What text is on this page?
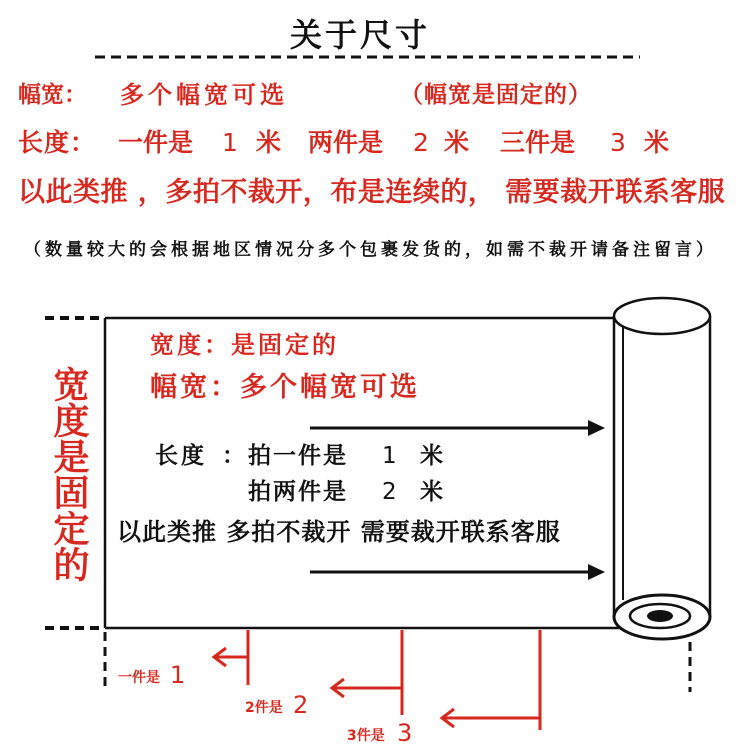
关于尺寸
幅宽： 多个幅宽可选	（幅宽是固定的）
长度： 一件是 1 米 两件是 2 米 三件是 3 米
以此类推 ，多拍不裁开，布是连续的， 需要裁开联系客服
（数量较大的会根据地区情况分多个包裹发货的，如需不裁开请备注留言）
宽度：是固定的
幅宽：多个幅宽可选
长度 ： 拍一件是 1 米
拍两件是 2 米
以此类推 多拍不裁开 需要裁开联系客服
宽度是固定的
一件是 1
2件是 2
3件是 3
